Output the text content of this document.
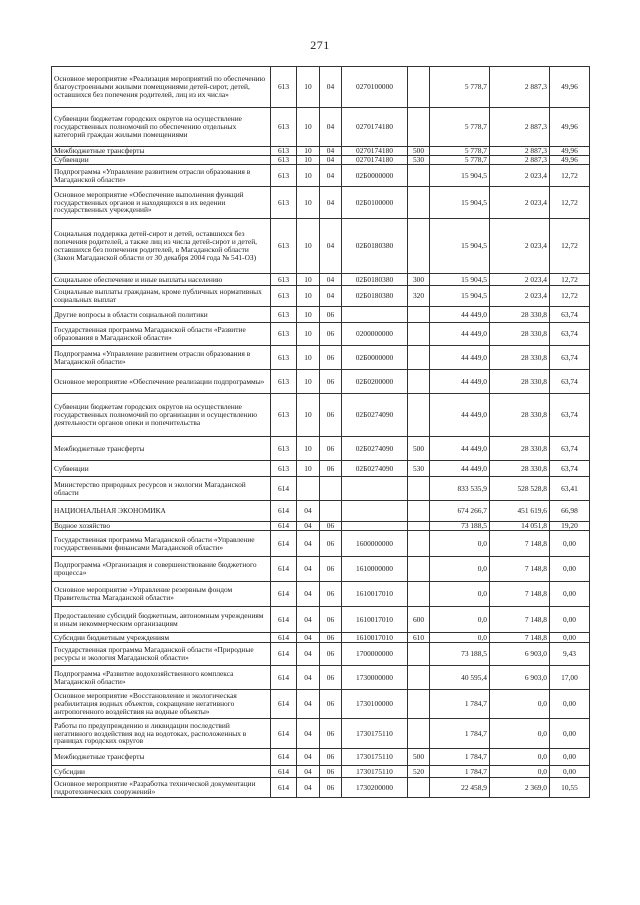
271
Основное мероприятие «Реализация мероприятий по обеспечению благоустроенными жилыми помещениями детей-сирот, детей, оставшихся без попечения родителей, лиц из их числа»	613	10	04	0270100000		5 778,7	2 887,3	49,96
Субвенции бюджетам городских округов на осуществление государственных полномочий по обеспечению отдельных категорий граждан жилыми помещениями	613	10	04	0270174180		5 778,7	2 887,3	49,96
Межбюджетные трансферты	613	10	04	0270174180	500	5 778,7	2 887,3	49,96
Субвенции	613	10	04	0270174180	530	5 778,7	2 887,3	49,96
Подпрограмма «Управление развитием отрасли образования в Магаданской области»	613	10	04	02Б0000000		15 904,5	2 023,4	12,72
Основное мероприятие «Обеспечение выполнения функций государственных органов и находящихся в их ведении государственных учреждений»	613	10	04	02Б0100000		15 904,5	2 023,4	12,72
Социальная поддержка детей-сирот и детей, оставшихся без попечения родителей, а также лиц из числа детей-сирот и детей, оставшихся без попечения родителей, в Магаданской области (Закон Магаданской области от 30 декабря 2004 года № 541-ОЗ)	613	10	04	02Б0180380		15 904,5	2 023,4	12,72
Социальное обеспечение и иные выплаты населению	613	10	04	02Б0180380	300	15 904,5	2 023,4	12,72
Социальные выплаты гражданам, кроме публичных нормативных социальных выплат	613	10	04	02Б0180380	320	15 904,5	2 023,4	12,72
Другие вопросы в области социальной политики	613	10	06			44 449,0	28 330,8	63,74
Государственная программа Магаданской области «Развитие образования в Магаданской области»	613	10	06	0200000000		44 449,0	28 330,8	63,74
Подпрограмма «Управление развитием отрасли образования в Магаданской области»	613	10	06	02Б0000000		44 449,0	28 330,8	63,74
Основное мероприятие «Обеспечение реализации подпрограммы»	613	10	06	02Б0200000		44 449,0	28 330,8	63,74
Субвенции бюджетам городских округов на осуществление государственных полномочий по организации и осуществлению деятельности органов опеки и попечительства	613	10	06	02Б0274090		44 449,0	28 330,8	63,74
Межбюджетные трансферты	613	10	06	02Б0274090	500	44 449,0	28 330,8	63,74
Субвенции	613	10	06	02Б0274090	530	44 449,0	28 330,8	63,74
Министерство природных ресурсов и экологии Магаданской области	614					833 535,9	528 528,8	63,41
НАЦИОНАЛЬНАЯ ЭКОНОМИКА	614	04				674 266,7	451 619,6	66,98
Водное хозяйство	614	04	06			73 188,5	14 051,8	19,20
Государственная программа Магаданской области «Управление государственными финансами Магаданской области»	614	04	06	1600000000		0,0	7 148,8	0,00
Подпрограмма «Организация и совершенствование бюджетного процесса»	614	04	06	1610000000		0,0	7 148,8	0,00
Основное мероприятие «Управление резервным фондом Правительства Магаданской области»	614	04	06	1610017010		0,0	7 148,8	0,00
Предоставление субсидий бюджетным, автономным учреждениям и иным некоммерческим организациям	614	04	06	1610017010	600	0,0	7 148,8	0,00
Субсидии бюджетным учреждениям	614	04	06	1610017010	610	0,0	7 148,8	0,00
Государственная программа Магаданской области «Природные ресурсы и экология Магаданской области»	614	04	06	1700000000		73 188,5	6 903,0	9,43
Подпрограмма «Развитие водохозяйственного комплекса Магаданской области»	614	04	06	1730000000		40 595,4	6 903,0	17,00
Основное мероприятие «Восстановление и экологическая реабилитация водных объектов, сокращение негативного антропогенного воздействия на водные объекты»	614	04	06	1730100000		1 784,7	0,0	0,00
Работы по предупреждению и ликвидации последствий негативного воздействия вод на водотоках, расположенных в границах городских округов	614	04	06	1730175110		1 784,7	0,0	0,00
Межбюджетные трансферты	614	04	06	1730175110	500	1 784,7	0,0	0,00
Субсидии	614	04	06	1730175110	520	1 784,7	0,0	0,00
Основное мероприятие «Разработка технической документации гидротехнических сооружений»	614	04	06	1730200000		22 458,9	2 369,0	10,55
